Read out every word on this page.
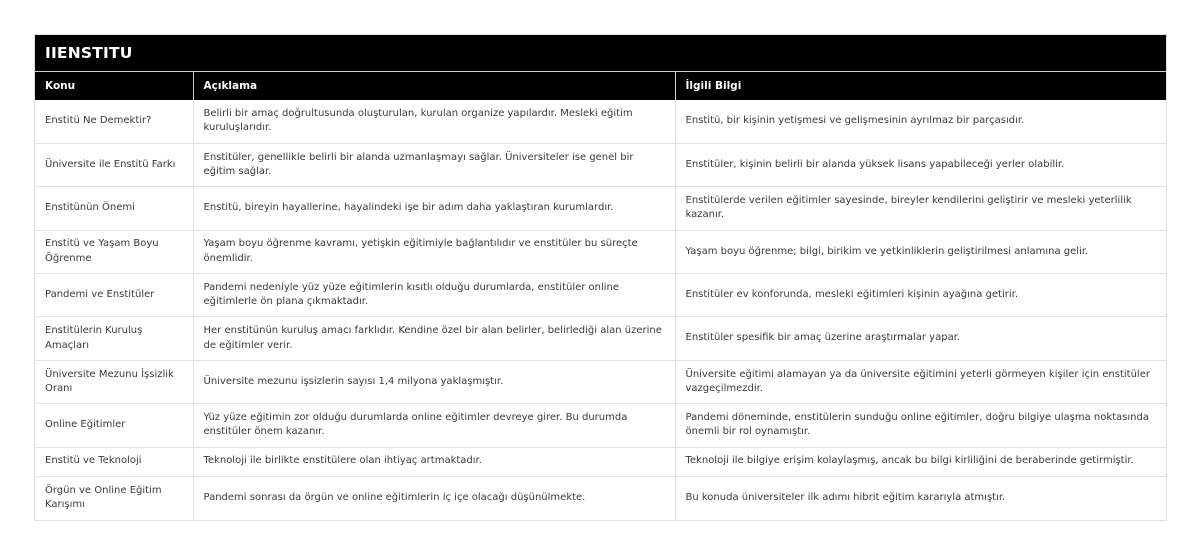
IIENSTITU
Konu	Açıklama	İlgili Bilgi
Enstitü Ne Demektir?	Belirli bir amaç doğrultusunda oluşturulan, kurulan organize yapılardır. Mesleki eğitim kuruluşlarıdır.	Enstitü, bir kişinin yetişmesi ve gelişmesinin ayrılmaz bir parçasıdır.
Üniversite ile Enstitü Farkı	Enstitüler, genellikle belirli bir alanda uzmanlaşmayı sağlar. Üniversiteler ise genel bir eğitim sağlar.	Enstitüler, kişinin belirli bir alanda yüksek lisans yapabileceği yerler olabilir.
Enstitünün Önemi	Enstitü, bireyin hayallerine, hayalindeki işe bir adım daha yaklaştıran kurumlardır.	Enstitülerde verilen eğitimler sayesinde, bireyler kendilerini geliştirir ve mesleki yeterlilik kazanır.
Enstitü ve Yaşam Boyu Öğrenme	Yaşam boyu öğrenme kavramı, yetişkin eğitimiyle bağlantılıdır ve enstitüler bu süreçte önemlidir.	Yaşam boyu öğrenme; bilgi, birikim ve yetkinliklerin geliştirilmesi anlamına gelir.
Pandemi ve Enstitüler	Pandemi nedeniyle yüz yüze eğitimlerin kısıtlı olduğu durumlarda, enstitüler online eğitimlerle ön plana çıkmaktadır.	Enstitüler ev konforunda, mesleki eğitimleri kişinin ayağına getirir.
Enstitülerin Kuruluş Amaçları	Her enstitünün kuruluş amacı farklıdır. Kendine özel bir alan belirler, belirlediği alan üzerine de eğitimler verir.	Enstitüler spesifik bir amaç üzerine araştırmalar yapar.
Üniversite Mezunu İşsizlik Oranı	Üniversite mezunu işsizlerin sayısı 1,4 milyona yaklaşmıştır.	Üniversite eğitimi alamayan ya da üniversite eğitimini yeterli görmeyen kişiler için enstitüler vazgeçilmezdir.
Online Eğitimler	Yüz yüze eğitimin zor olduğu durumlarda online eğitimler devreye girer. Bu durumda enstitüler önem kazanır.	Pandemi döneminde, enstitülerin sunduğu online eğitimler, doğru bilgiye ulaşma noktasında önemli bir rol oynamıştır.
Enstitü ve Teknoloji	Teknoloji ile birlikte enstitülere olan ihtiyaç artmaktadır.	Teknoloji ile bilgiye erişim kolaylaşmış, ancak bu bilgi kirliliğini de beraberinde getirmiştir.
Örgün ve Online Eğitim Karışımı	Pandemi sonrası da örgün ve online eğitimlerin iç içe olacağı düşünülmekte.	Bu konuda üniversiteler ilk adımı hibrit eğitim kararıyla atmıştır.
